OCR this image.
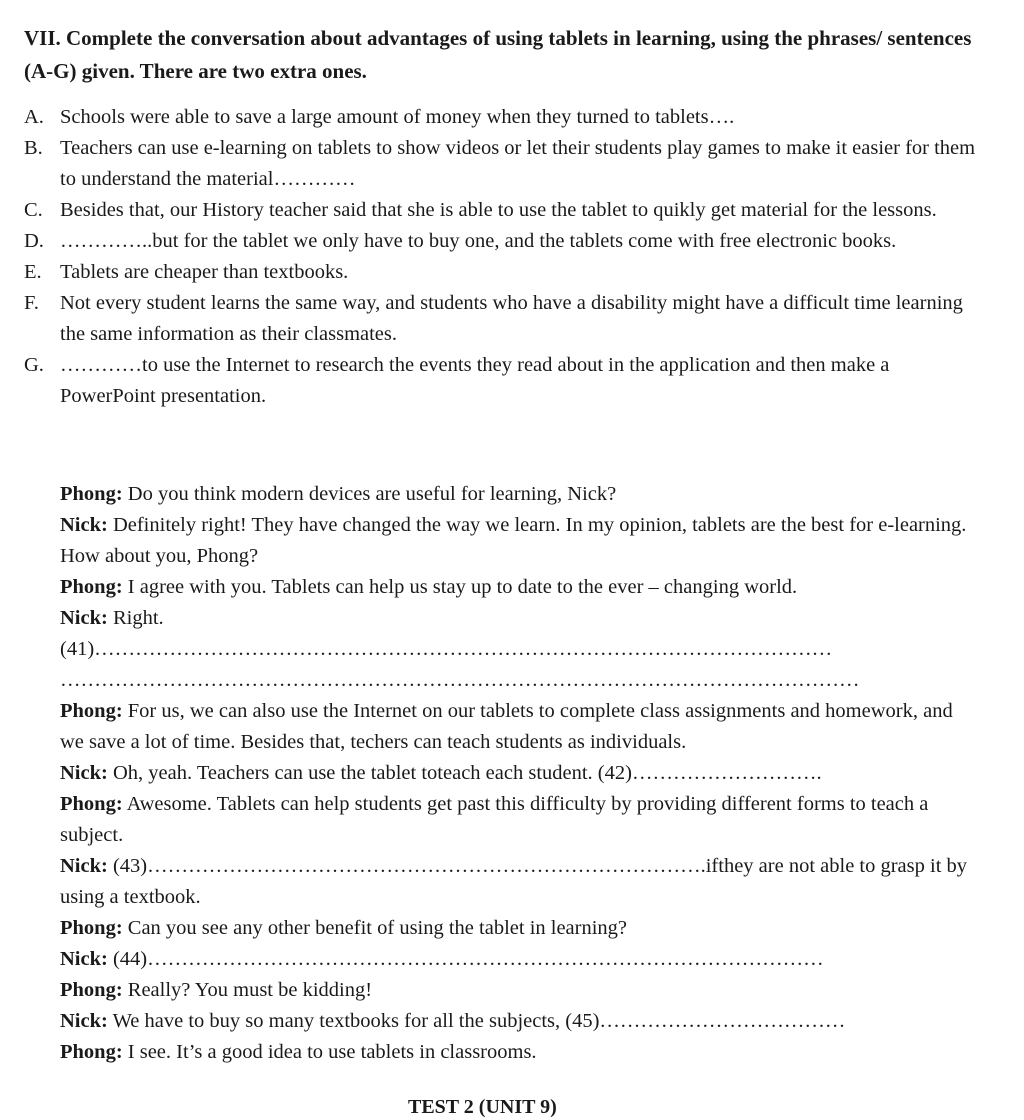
VII. Complete the conversation about advantages of using tablets in learning, using the phrases/ sentences (A-G) given. There are two extra ones.
A. Schools were able to save a large amount of money when they turned to tablets….
B. Teachers can use e-learning on tablets to show videos or let their students play games to make it easier for them to understand the material…………
C. Besides that, our History teacher said that she is able to use the tablet to quikly get material for the lessons.
D. …………..but for the tablet we only have to buy one, and the tablets come with free electronic books.
E. Tablets are cheaper than textbooks.
F.	Not every student learns the same way, and students who have a disability might have a difficult time learning the same information as their classmates.
G. …………to use the Internet to research the events they read about in the application and then make a PowerPoint presentation.
Phong: Do you think modern devices are useful for learning, Nick?
Nick: Definitely right! They have changed the way we learn. In my opinion, tablets are the best for e-learning. How about you, Phong?
Phong: I agree with you. Tablets can help us stay up to date to the ever – changing world.
Nick: Right.
(41)………………………………………………………………………………………………
………………………………………………………………………………………………………
Phong: For us, we can also use the Internet on our tablets to complete class assignments and homework, and we save a lot of time. Besides that, techers can teach students as individuals.
Nick: Oh, yeah. Teachers can use the tablet toteach each student. (42)……………………….
Phong: Awesome. Tablets can help students get past this difficulty by providing different forms to teach a subject.
Nick: (43)……………………………………………………………………….ifthey are not able to grasp it by using a textbook.
Phong: Can you see any other benefit of using the tablet in learning?
Nick: (44)………………………………………………………………………………………
Phong: Really? You must be kidding!
Nick: We have to buy so many textbooks for all the subjects, (45)………………………………
Phong: I see. It’s a good idea to use tablets in classrooms.
TEST 2 (UNIT 9)
